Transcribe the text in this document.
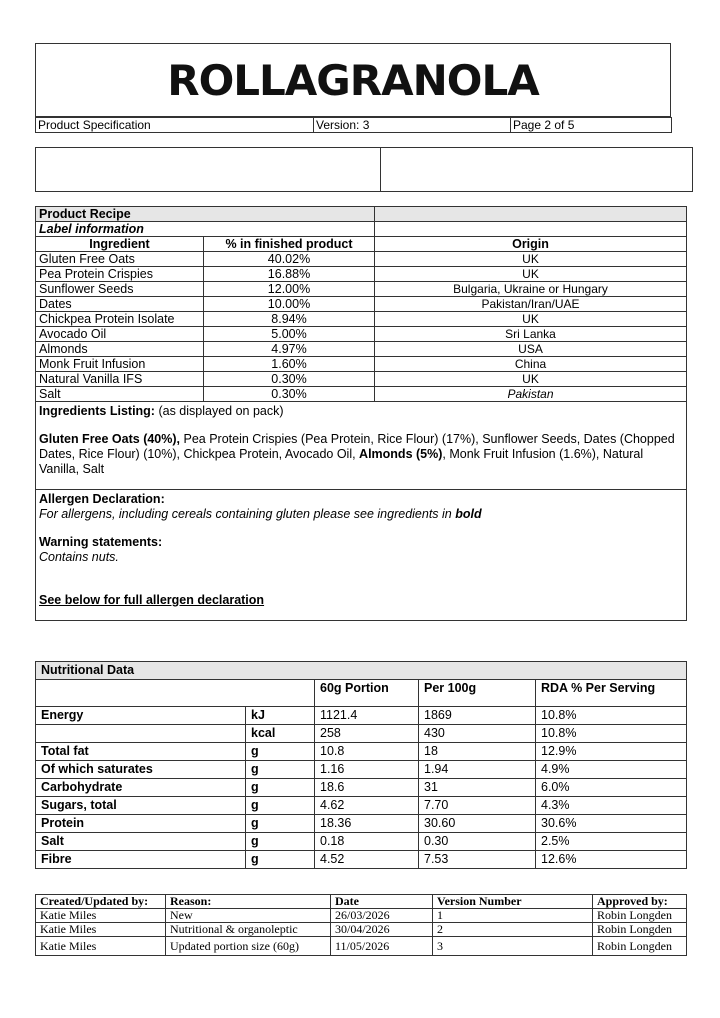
ROLLAGRANOLA
Product Specification	Version: 3	Page 2 of 5

Product Recipe		
Label information		
Ingredient	% in finished product	Origin
Gluten Free Oats	40.02%	UK
Pea Protein Crispies	16.88%	UK
Sunflower Seeds	12.00%	Bulgaria, Ukraine or Hungary
Dates	10.00%	Pakistan/Iran/UAE
Chickpea Protein Isolate	8.94%	UK
Avocado Oil	5.00%	Sri Lanka
Almonds	4.97%	USA
Monk Fruit Infusion	1.60%	China
Natural Vanilla IFS	0.30%	UK
Salt	0.30%	Pakistan

Ingredients Listing: (as displayed on pack)
Gluten Free Oats (40%), Pea Protein Crispies (Pea Protein, Rice Flour) (17%), Sunflower Seeds, Dates (Chopped Dates, Rice Flour) (10%), Chickpea Protein, Avocado Oil, Almonds (5%), Monk Fruit Infusion (1.6%), Natural Vanilla, Salt		

Allergen Declaration:
For allergens, including cereals containing gluten please see ingredients in bold
Warning statements:
Contains nuts.
See below for full allergen declaration		
Nutritional Data				
		60g Portion	Per 100g	RDA % Per Serving
Energy	kJ	1121.4	1869	10.8%
	kcal	258	430	10.8%
Total fat	g	10.8	18	12.9%
Of which saturates	g	1.16	1.94	4.9%
Carbohydrate	g	18.6	31	6.0%
Sugars, total	g	4.62	7.70	4.3%
Protein	g	18.36	30.60	30.6%
Salt	g	0.18	0.30	2.5%
Fibre	g	4.52	7.53	12.6%
Created/Updated by:	Reason:	Date	Version Number	Approved by:
Katie Miles	New	26/03/2026	1	Robin Longden
Katie Miles	Nutritional & organoleptic	30/04/2026	2	Robin Longden
Katie Miles	Updated portion size (60g)	11/05/2026	3	Robin Longden
